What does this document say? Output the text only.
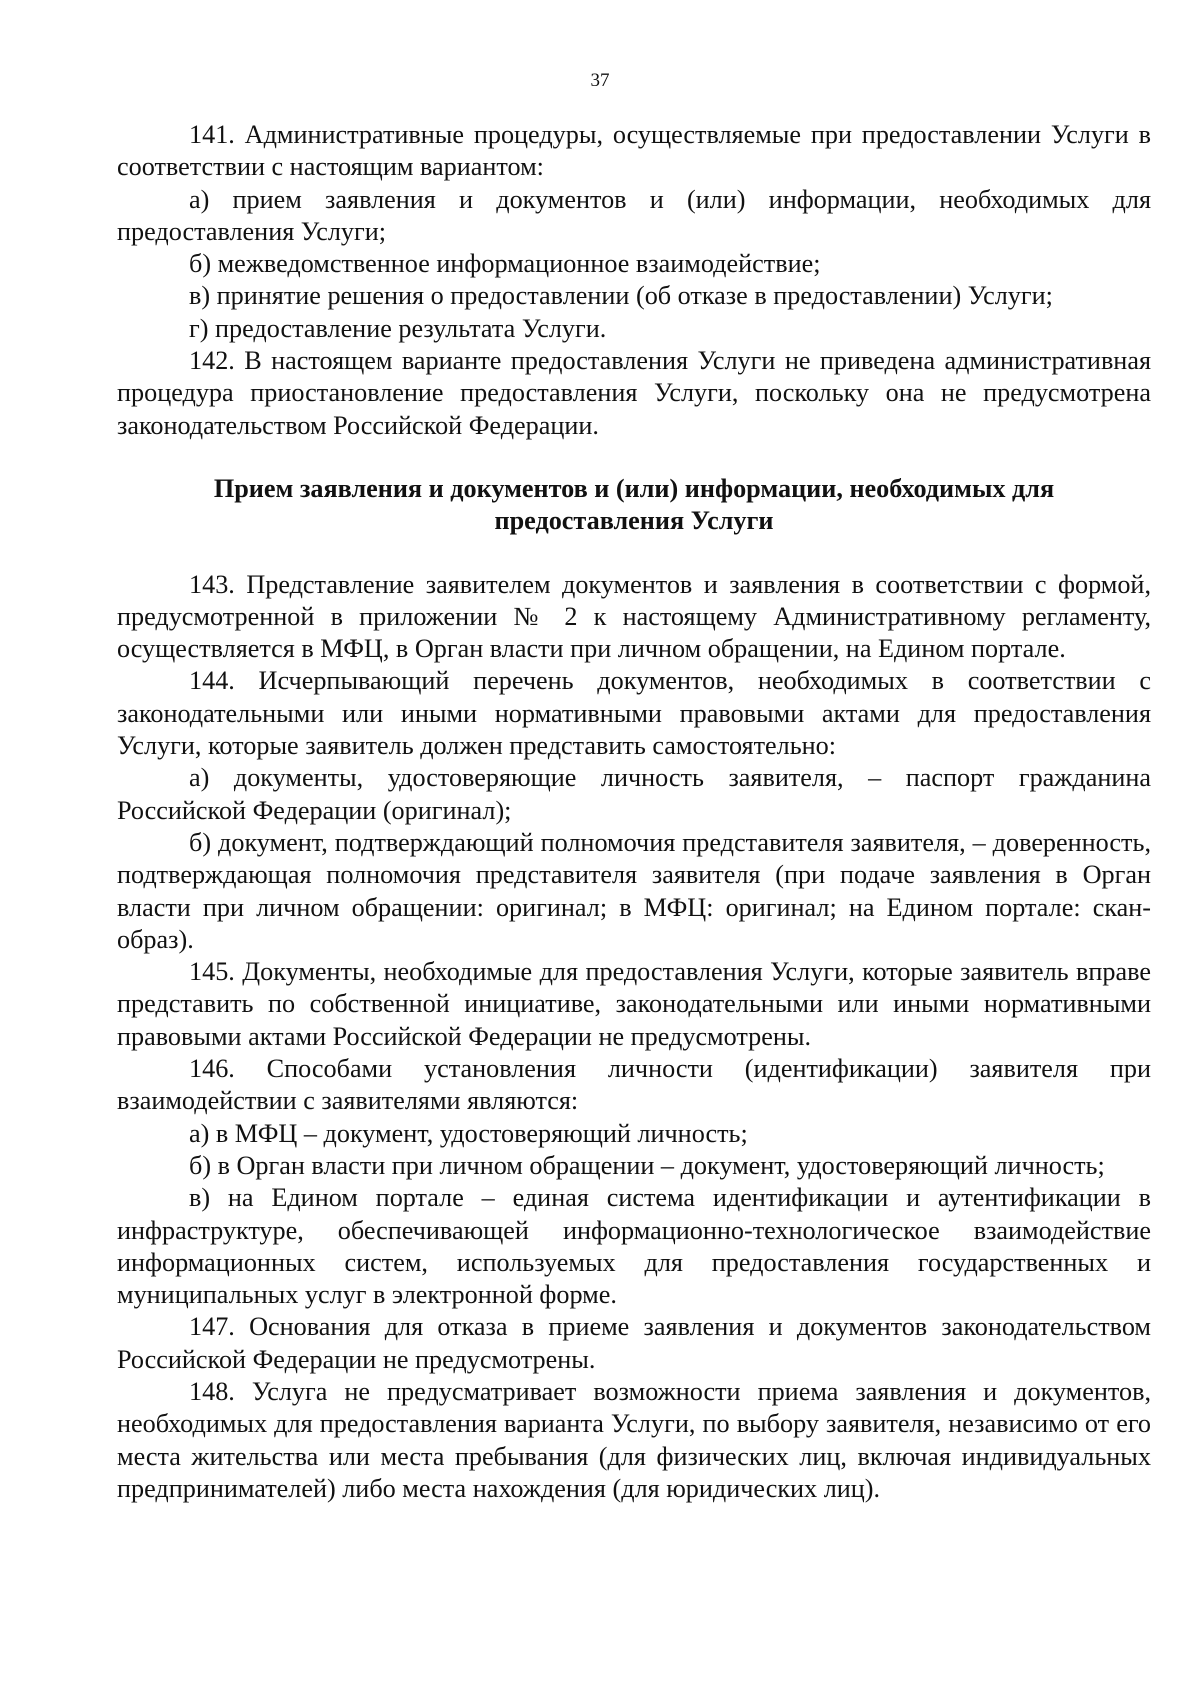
37

141. Административные процедуры, осуществляемые при предоставлении Услуги в соответствии с настоящим вариантом:

а) прием заявления и документов и (или) информации, необходимых для предоставления Услуги;

б) межведомственное информационное взаимодействие;

в) принятие решения о предоставлении (об отказе в предоставлении) Услуги;

г) предоставление результата Услуги.

142. В настоящем варианте предоставления Услуги не приведена административная процедура приостановление предоставления Услуги, поскольку она не предусмотрена законодательством Российской Федерации.

Прием заявления и документов и (или) информации, необходимых для
предоставления Услуги

143. Представление заявителем документов и заявления в соответствии с формой, предусмотренной в приложении № 2 к настоящему Административному регламенту, осуществляется в МФЦ, в Орган власти при личном обращении, на Едином портале.

144. Исчерпывающий перечень документов, необходимых в соответствии с законодательными или иными нормативными правовыми актами для предоставления Услуги, которые заявитель должен представить самостоятельно:

а) документы, удостоверяющие личность заявителя, – паспорт гражданина Российской Федерации (оригинал);

б) документ, подтверждающий полномочия представителя заявителя, – доверенность, подтверждающая полномочия представителя заявителя (при подаче заявления в Орган власти при личном обращении: оригинал; в МФЦ: оригинал; на Едином портале: скан-образ).

145. Документы, необходимые для предоставления Услуги, которые заявитель вправе представить по собственной инициативе, законодательными или иными нормативными правовыми актами Российской Федерации не предусмотрены.

146. Способами установления личности (идентификации) заявителя при взаимодействии с заявителями являются:

а) в МФЦ – документ, удостоверяющий личность;

б) в Орган власти при личном обращении – документ, удостоверяющий личность;

в) на Едином портале – единая система идентификации и аутентификации в инфраструктуре, обеспечивающей информационно-технологическое взаимодействие информационных систем, используемых для предоставления государственных и муниципальных услуг в электронной форме.

147. Основания для отказа в приеме заявления и документов законодательством Российской Федерации не предусмотрены.

148. Услуга не предусматривает возможности приема заявления и документов, необходимых для предоставления варианта Услуги, по выбору заявителя, независимо от его места жительства или места пребывания (для физических лиц, включая индивидуальных предпринимателей) либо места нахождения (для юридических лиц).
